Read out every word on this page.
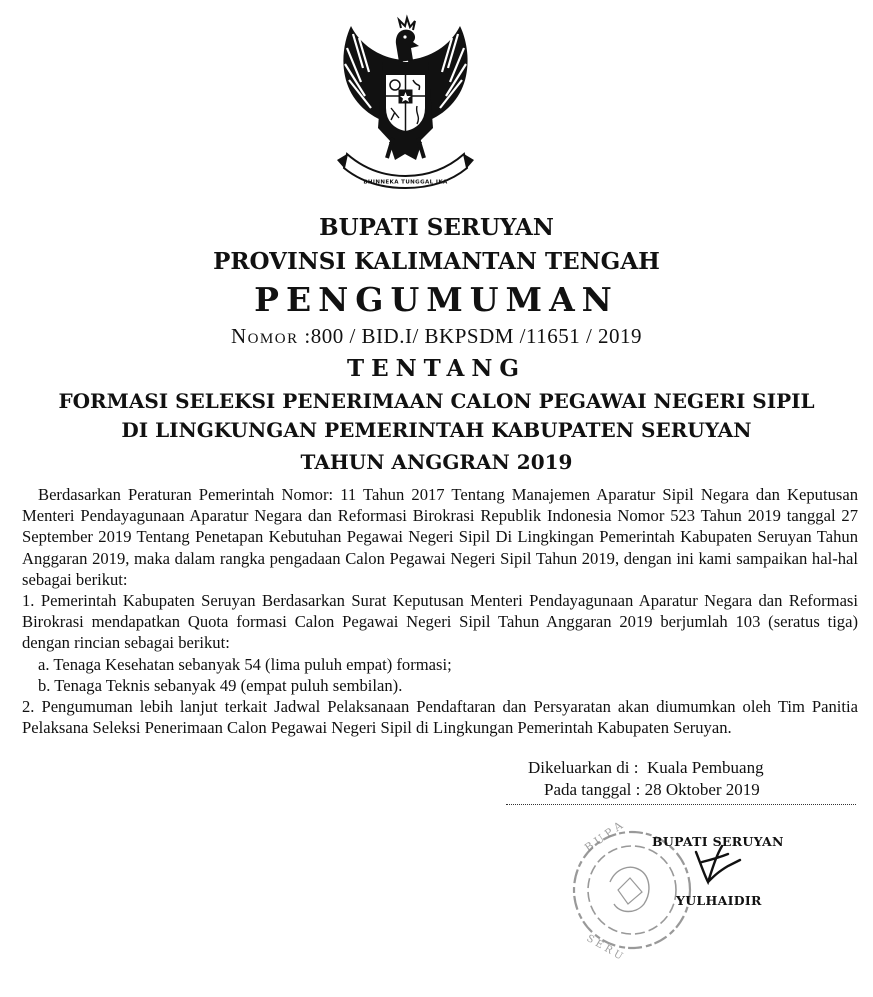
BHINNEKA TUNGGAL IKA
BUPATI SERUYAN
PROVINSI KALIMANTAN TENGAH
PENGUMUMAN
Nomor :800 / BID.I/ BKPSDM /11651 / 2019
TENTANG
FORMASI SELEKSI PENERIMAAN CALON PEGAWAI NEGERI SIPIL
DI LINGKUNGAN PEMERINTAH KABUPATEN SERUYAN
TAHUN ANGGRAN 2019

Berdasarkan Peraturan Pemerintah Nomor: 11 Tahun 2017 Tentang Manajemen Aparatur Sipil Negara dan Keputusan Menteri Pendayagunaan Aparatur Negara dan Reformasi Birokrasi Republik Indonesia Nomor 523 Tahun 2019 tanggal 27 September 2019 Tentang Penetapan Kebutuhan Pegawai Negeri Sipil Di Lingkingan Pemerintah Kabupaten Seruyan Tahun Anggaran 2019, maka dalam rangka pengadaan Calon Pegawai Negeri Sipil Tahun 2019, dengan ini kami sampaikan hal-hal sebagai berikut:

1. Pemerintah Kabupaten Seruyan Berdasarkan Surat Keputusan Menteri Pendayagunaan Aparatur Negara dan Reformasi Birokrasi mendapatkan Quota formasi Calon Pegawai Negeri Sipil Tahun Anggaran 2019 berjumlah 103 (seratus tiga) dengan rincian sebagai berikut:

a. Tenaga Kesehatan sebanyak 54 (lima puluh empat) formasi;

b. Tenaga Teknis sebanyak 49 (empat puluh sembilan).

2. Pengumuman lebih lanjut terkait Jadwal Pelaksanaan Pendaftaran dan Persyaratan akan diumumkan oleh Tim Panitia Pelaksana Seleksi Penerimaan Calon Pegawai Negeri Sipil di Lingkungan Pemerintah Kabupaten Seruyan.

Dikeluarkan di : Kuala Pembuang
Pada tanggal : 28 Oktober 2019
B U P A
S E R U
BUPATI SERUYAN
YULHAIDIR
